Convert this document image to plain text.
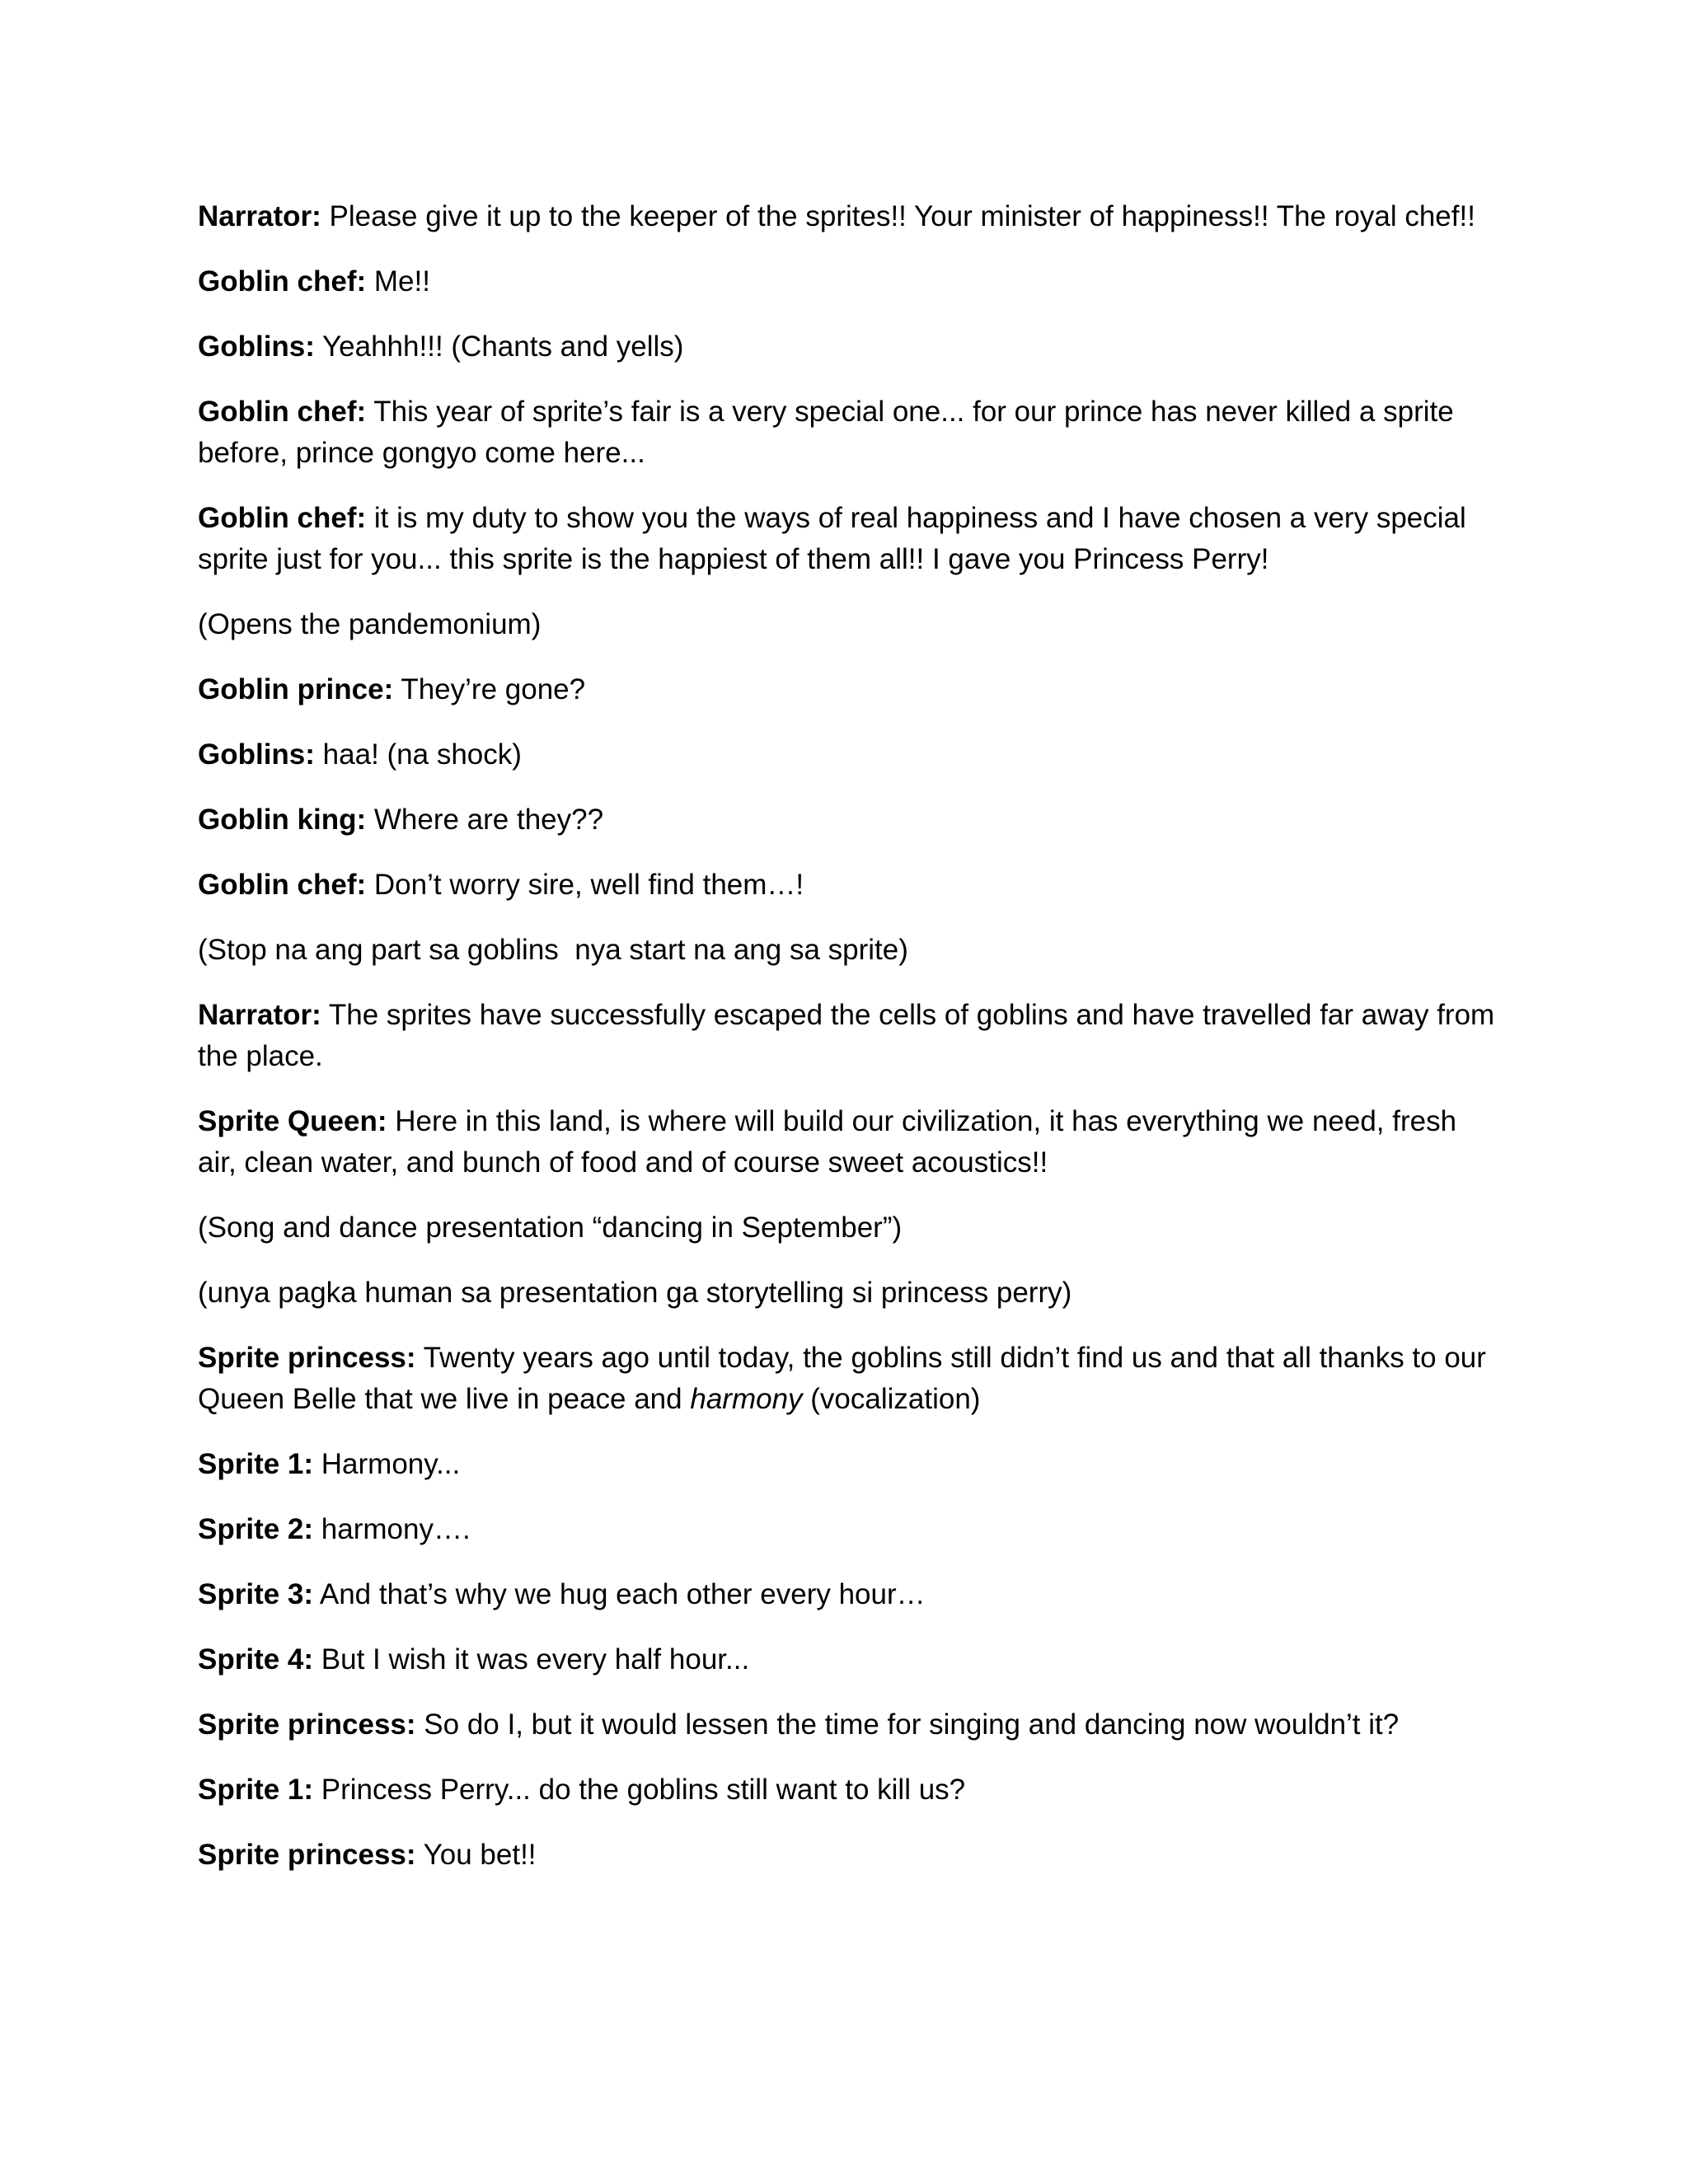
Narrator: Please give it up to the keeper of the sprites!! Your minister of happiness!! The royal chef!!

Goblin chef: Me!!

Goblins: Yeahhh!!! (Chants and yells)

Goblin chef: This year of sprite’s fair is a very special one... for our prince has never killed a sprite before, prince gongyo come here...

Goblin chef: it is my duty to show you the ways of real happiness and I have chosen a very special sprite just for you... this sprite is the happiest of them all!! I gave you Princess Perry!

(Opens the pandemonium)

Goblin prince: They’re gone?

Goblins: haa! (na shock)

Goblin king: Where are they??

Goblin chef: Don’t worry sire, well find them…!

(Stop na ang part sa goblins  nya start na ang sa sprite)

Narrator: The sprites have successfully escaped the cells of goblins and have travelled far away from the place.

Sprite Queen: Here in this land, is where will build our civilization, it has everything we need, fresh air, clean water, and bunch of food and of course sweet acoustics!!

(Song and dance presentation “dancing in September”)

(unya pagka human sa presentation ga storytelling si princess perry)

Sprite princess: Twenty years ago until today, the goblins still didn’t find us and that all thanks to our Queen Belle that we live in peace and harmony (vocalization)

Sprite 1: Harmony...

Sprite 2: harmony….

Sprite 3: And that’s why we hug each other every hour…

Sprite 4: But I wish it was every half hour...

Sprite princess: So do I, but it would lessen the time for singing and dancing now wouldn’t it?

Sprite 1: Princess Perry... do the goblins still want to kill us?

Sprite princess: You bet!!
